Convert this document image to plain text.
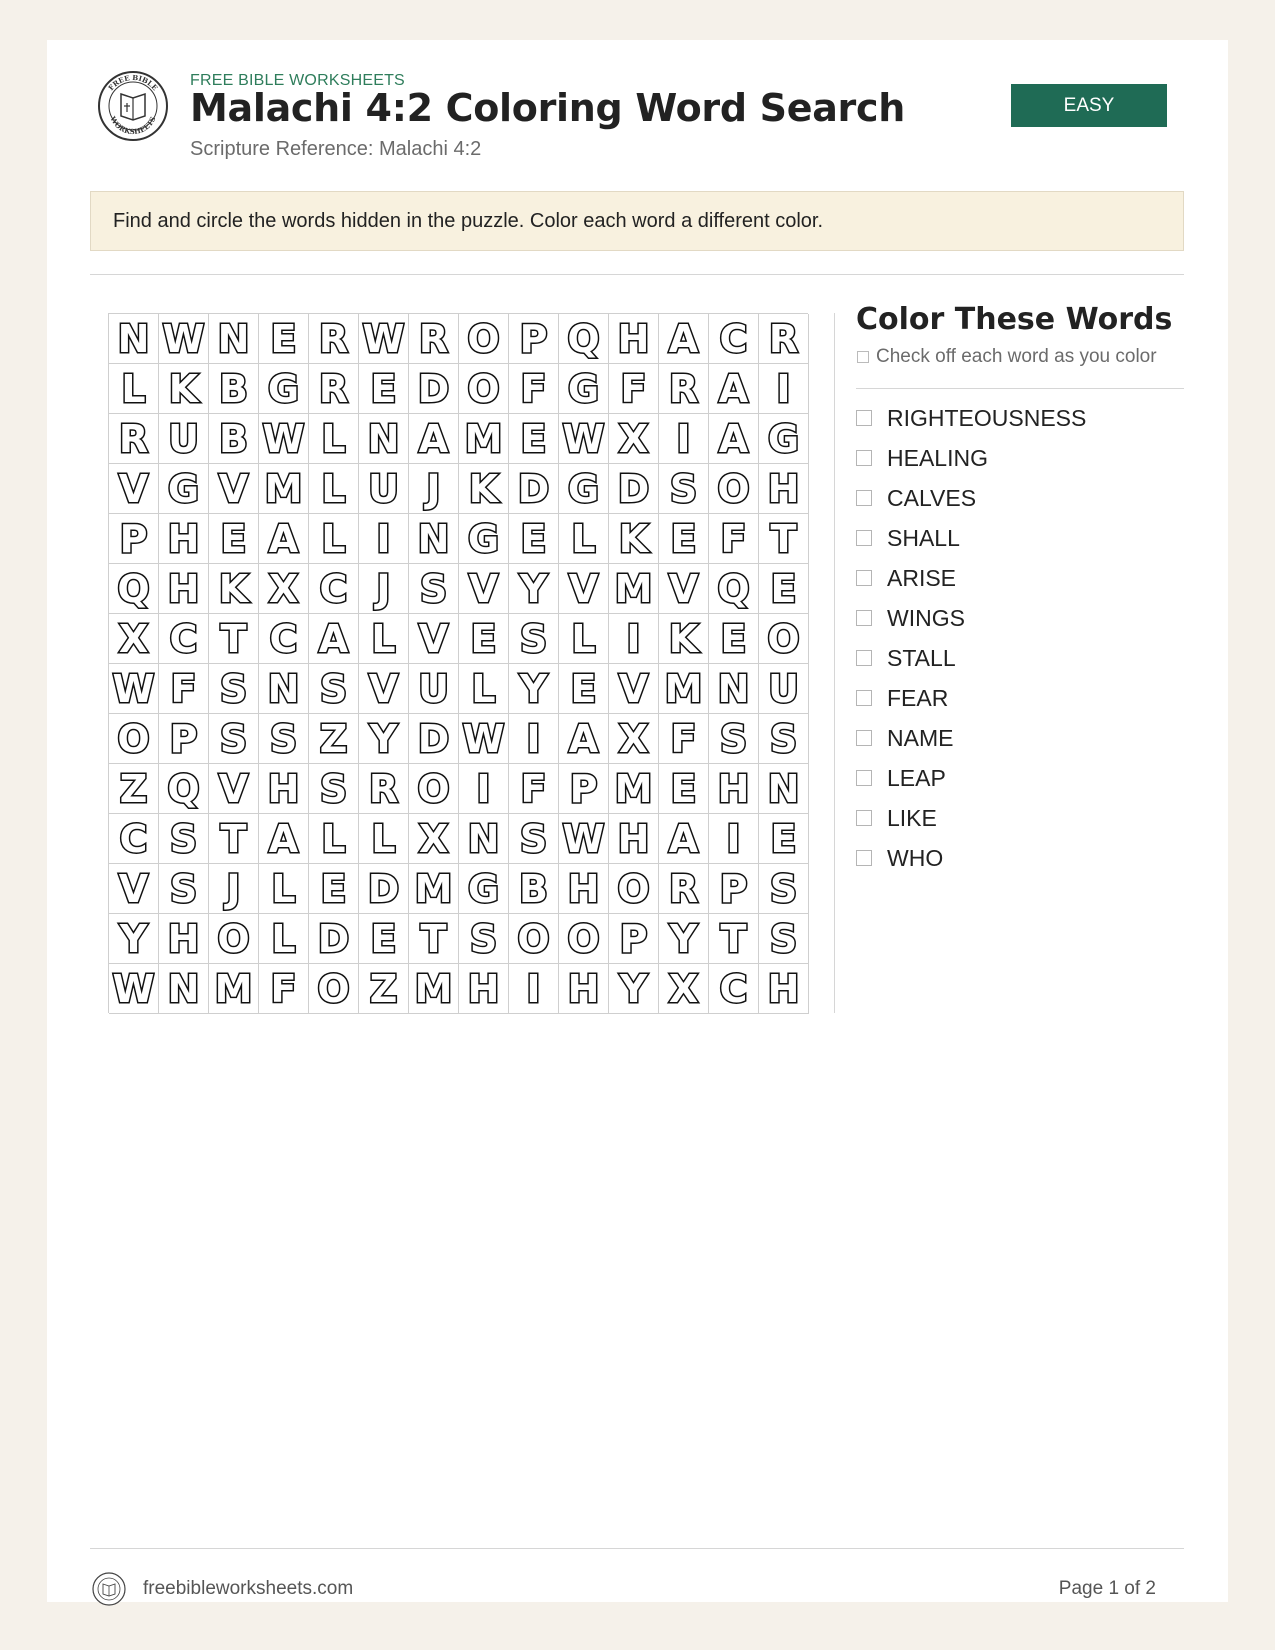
FREE BIBLE
WORKSHEETS
FREE BIBLE WORKSHEETS
Malachi 4:2 Coloring Word Search
Scripture Reference: Malachi 4:2
EASY
Find and circle the words hidden in the puzzle. Color each word a different color.
N W N E R W R O P Q H A C R
L K B G R E D O F G F R A I
R U B W L N A M E W X I A G
V G V M L U J K D G D S O H
P H E A L I N G E L K E F T
Q H K X C J S V Y V M V Q E
X C T C A L V E S L I K E O
W F S N S V U L Y E V M N U
O P S S Z Y D W I A X F S S
Z Q V H S R O I F P M E H N
C S T A L L X N S W H A I E
V S J L E D M G B H O R P S
Y H O L D E T S O O P Y T S
W N M F O Z M H I H Y X C H
Color These Words
Check off each word as you color
RIGHTEOUSNESS
HEALING
CALVES
SHALL
ARISE
WINGS
STALL
FEAR
NAME
LEAP
LIKE
WHO
freebibleworksheets.com	Page 1 of 2
